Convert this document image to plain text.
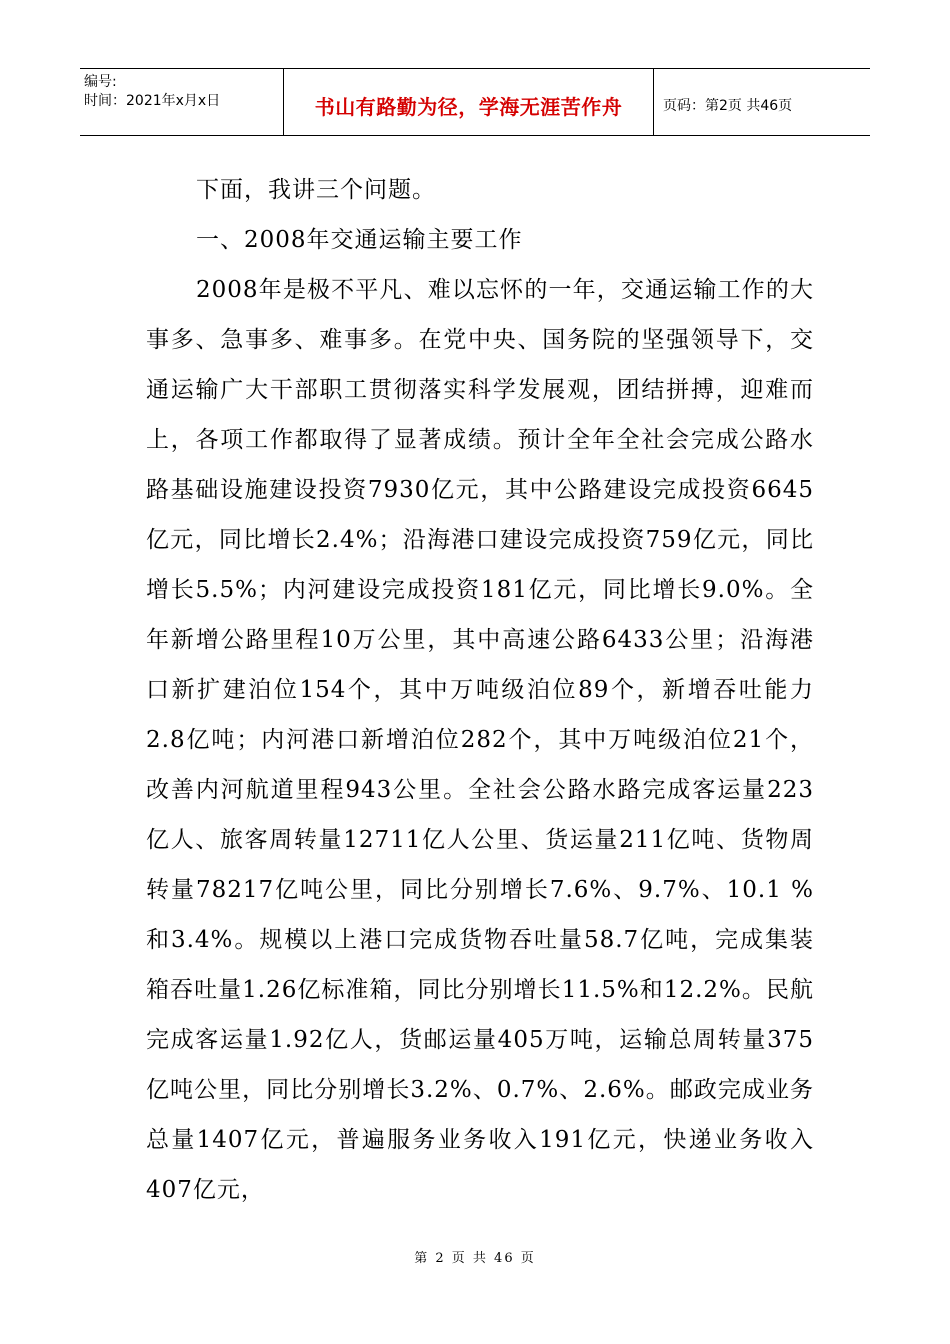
编号:
时间：2021年x月x日	书山有路勤为径，学海无涯苦作舟	页码：第2页 共46页

下面，我讲三个问题。

一、2008年交通运输主要工作

2008年是极不平凡、难以忘怀的一年，交通运输工作的大事多、急事多、难事多。在党中央、国务院的坚强领导下，交通运输广大干部职工贯彻落实科学发展观，团结拼搏，迎难而上，各项工作都取得了显著成绩。预计全年全社会完成公路水路基础设施建设投资7930亿元，其中公路建设完成投资6645亿元，同比增长2.4%；沿海港口建设完成投资759亿元，同比增长5.5%；内河建设完成投资181亿元，同比增长9.0%。全年新增公路里程10万公里，其中高速公路6433公里；沿海港口新扩建泊位154个，其中万吨级泊位89个，新增吞吐能力2.8亿吨；内河港口新增泊位282个，其中万吨级泊位21个，改善内河航道里程943公里。全社会公路水路完成客运量223亿人、旅客周转量12711亿人公里、货运量211亿吨、货物周转量78217亿吨公里，同比分别增长7.6%、9.7%、10.1 %和3.4%。规模以上港口完成货物吞吐量58.7亿吨，完成集装箱吞吐量1.26亿标准箱，同比分别增长11.5%和12.2%。民航完成客运量1.92亿人，货邮运量405万吨，运输总周转量375亿吨公里，同比分别增长3.2%、0.7%、2.6%。邮政完成业务总量1407亿元，普遍服务业务收入191亿元，快递业务收入407亿元，

第 2 页 共 46 页
